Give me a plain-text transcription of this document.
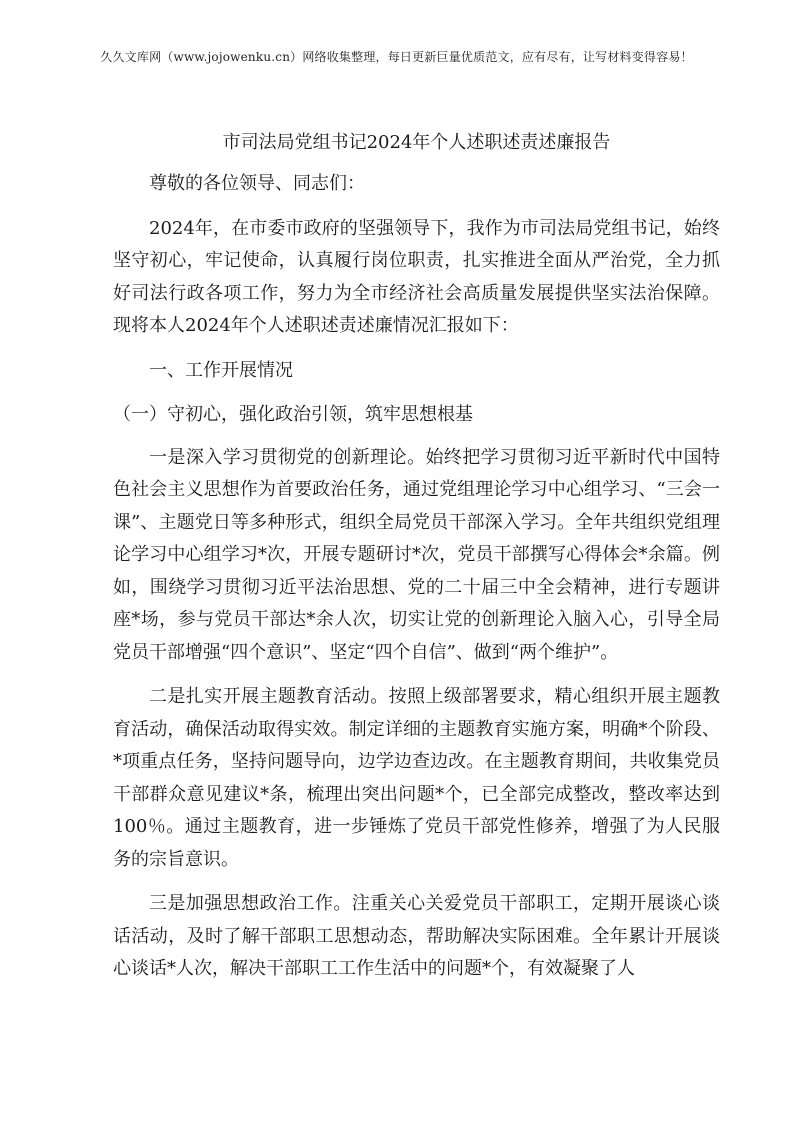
久久文库网（www.jojowenku.cn）网络收集整理，每日更新巨量优质范文，应有尽有，让写材料变得容易！
市司法局党组书记2024年个人述职述责述廉报告

尊敬的各位领导、同志们：

2024年，在市委市政府的坚强领导下，我作为市司法局党组书记，始终坚守初心，牢记使命，认真履行岗位职责，扎实推进全面从严治党，全力抓好司法行政各项工作，努力为全市经济社会高质量发展提供坚实法治保障。现将本人2024年个人述职述责述廉情况汇报如下：

一、工作开展情况

（一）守初心，强化政治引领，筑牢思想根基

一是深入学习贯彻党的创新理论。始终把学习贯彻习近平新时代中国特色社会主义思想作为首要政治任务，通过党组理论学习中心组学习、“三会一课”、主题党日等多种形式，组织全局党员干部深入学习。全年共组织党组理论学习中心组学习*次，开展专题研讨*次，党员干部撰写心得体会*余篇。例如，围绕学习贯彻习近平法治思想、党的二十届三中全会精神，进行专题讲座*场，参与党员干部达*余人次，切实让党的创新理论入脑入心，引导全局党员干部增强“四个意识”、坚定“四个自信”、做到“两个维护”。

二是扎实开展主题教育活动。按照上级部署要求，精心组织开展主题教育活动，确保活动取得实效。制定详细的主题教育实施方案，明确*个阶段、*项重点任务，坚持问题导向，边学边查边改。在主题教育期间，共收集党员干部群众意见建议*条，梳理出突出问题*个，已全部完成整改，整改率达到100％。通过主题教育，进一步锤炼了党员干部党性修养，增强了为人民服务的宗旨意识。

三是加强思想政治工作。注重关心关爱党员干部职工，定期开展谈心谈话活动，及时了解干部职工思想动态，帮助解决实际困难。全年累计开展谈心谈话*人次，解决干部职工工作生活中的问题*个，有效凝聚了人
